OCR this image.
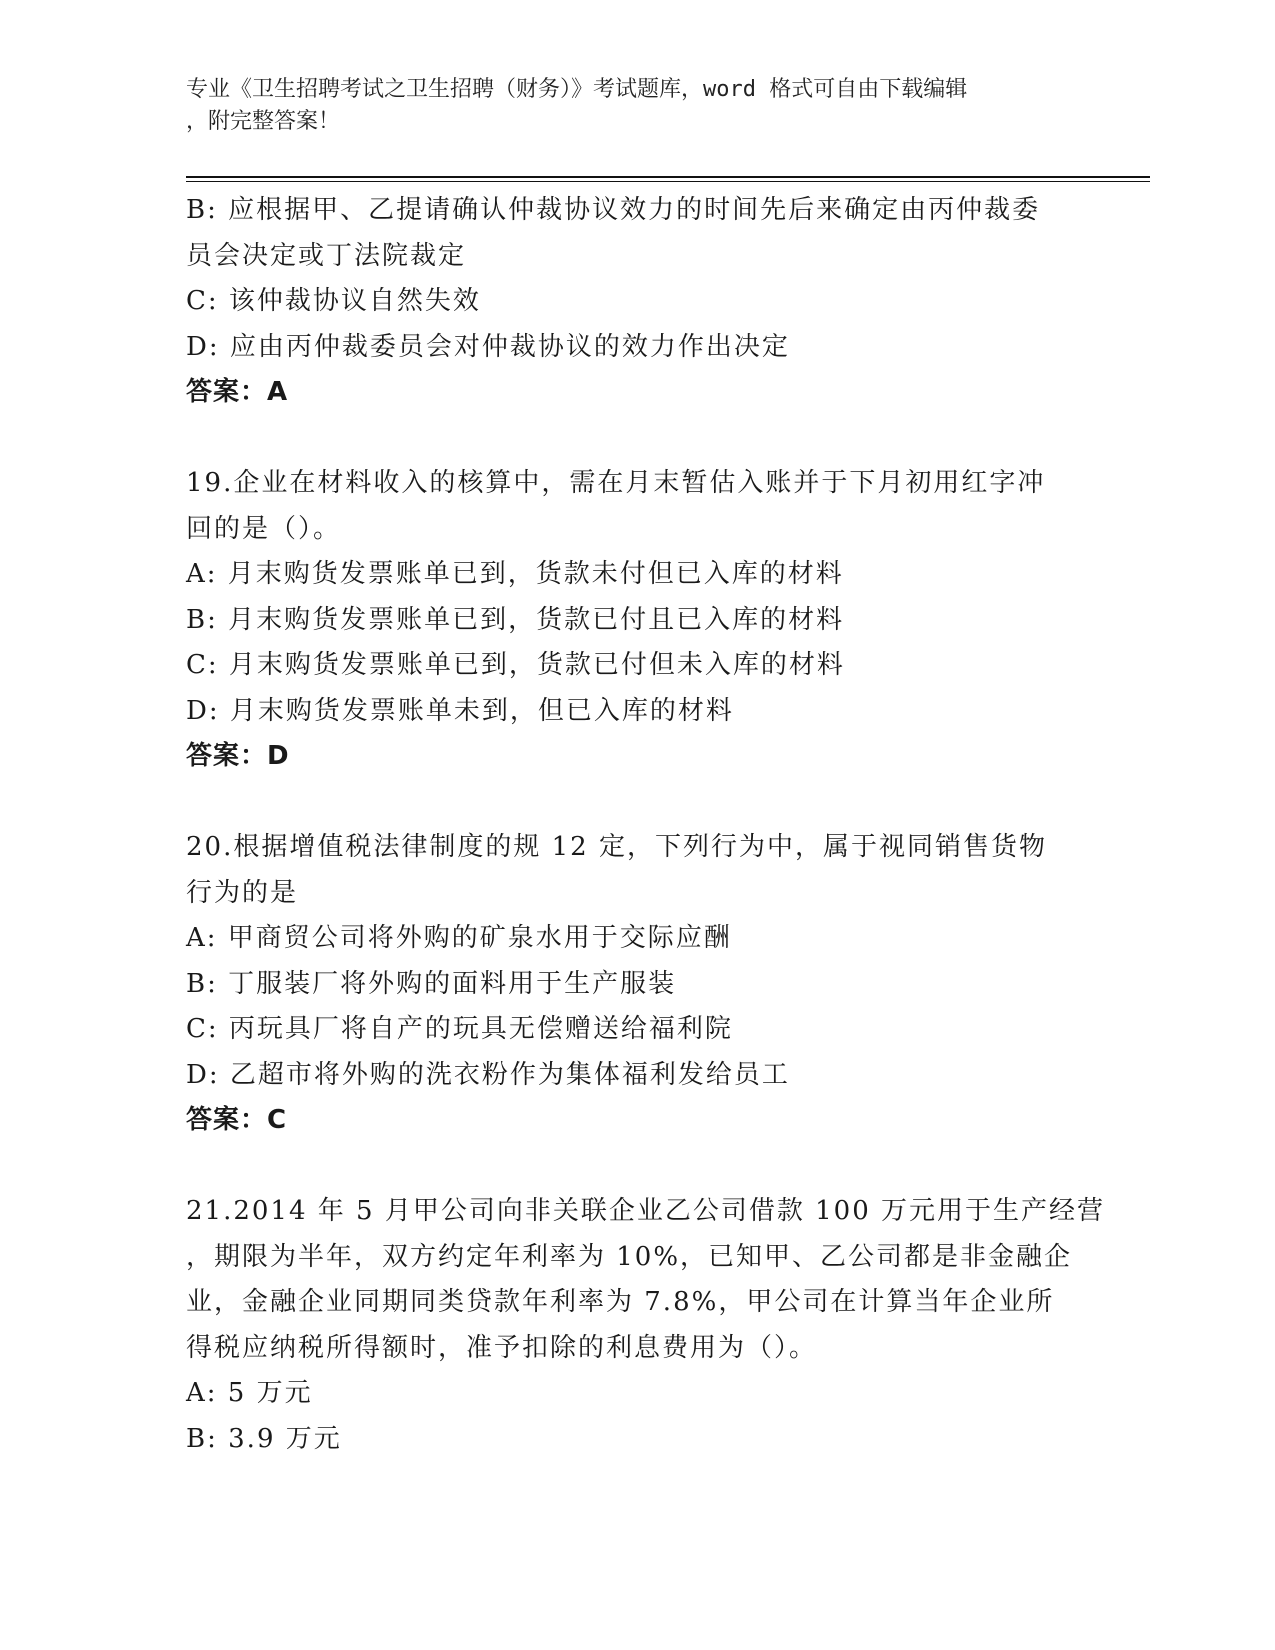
专业《卫生招聘考试之卫生招聘（财务）》考试题库，word 格式可自由下载编辑
，附完整答案！
B: 应根据甲、乙提请确认仲裁协议效力的时间先后来确定由丙仲裁委
员会决定或丁法院裁定
C: 该仲裁协议自然失效
D: 应由丙仲裁委员会对仲裁协议的效力作出决定
答案：A
19.企业在材料收入的核算中，需在月末暂估入账并于下月初用红字冲
回的是（）。
A: 月末购货发票账单已到，货款未付但已入库的材料
B: 月末购货发票账单已到，货款已付且已入库的材料
C: 月末购货发票账单已到，货款已付但未入库的材料
D: 月末购货发票账单未到，但已入库的材料
答案：D
20.根据增值税法律制度的规 12 定，下列行为中，属于视同销售货物
行为的是
A: 甲商贸公司将外购的矿泉水用于交际应酬
B: 丁服装厂将外购的面料用于生产服装
C: 丙玩具厂将自产的玩具无偿赠送给福利院
D: 乙超市将外购的洗衣粉作为集体福利发给员工
答案：C
21.2014 年 5 月甲公司向非关联企业乙公司借款 100 万元用于生产经营
，期限为半年，双方约定年利率为 10%，已知甲、乙公司都是非金融企
业，金融企业同期同类贷款年利率为 7.8%，甲公司在计算当年企业所
得税应纳税所得额时，准予扣除的利息费用为（）。
A: 5 万元
B: 3.9 万元
